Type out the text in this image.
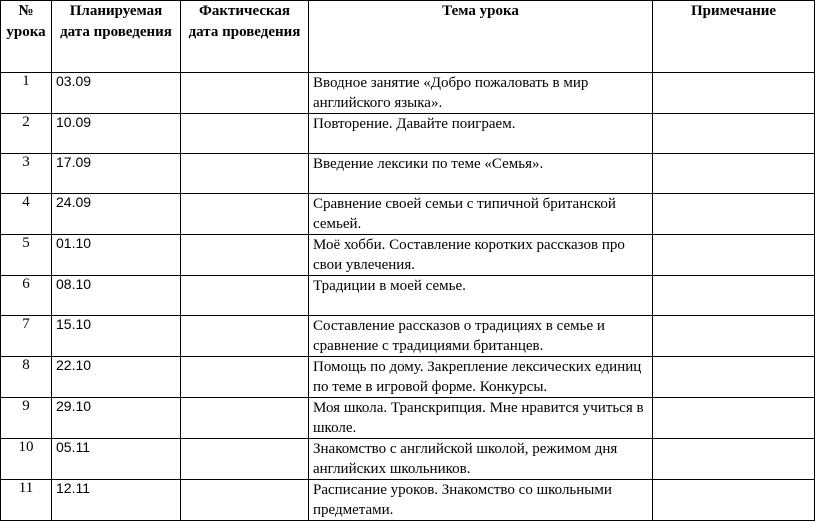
№ урока	Планируемая дата проведения	Фактическая дата проведения	Тема урока	Примечание
1	03.09		Вводное занятие «Добро пожаловать в мир английского языка».	
2	10.09		Повторение. Давайте поиграем.	
3	17.09		Введение лексики по теме «Семья».	
4	24.09		Сравнение своей семьи с типичной британской семьей.	
5	01.10		Моё хобби. Составление коротких рассказов про свои увлечения.	
6	08.10		Традиции в моей семье.	
7	15.10		Составление рассказов о традициях в семье и сравнение с традициями британцев.	
8	22.10		Помощь по дому. Закрепление лексических единиц по теме в игровой форме. Конкурсы.	
9	29.10		Моя школа. Транскрипция. Мне нравится учиться в школе.	
10	05.11		Знакомство с английской школой, режимом дня английских школьников.	
11	12.11		Расписание уроков. Знакомство со школьными предметами.	
